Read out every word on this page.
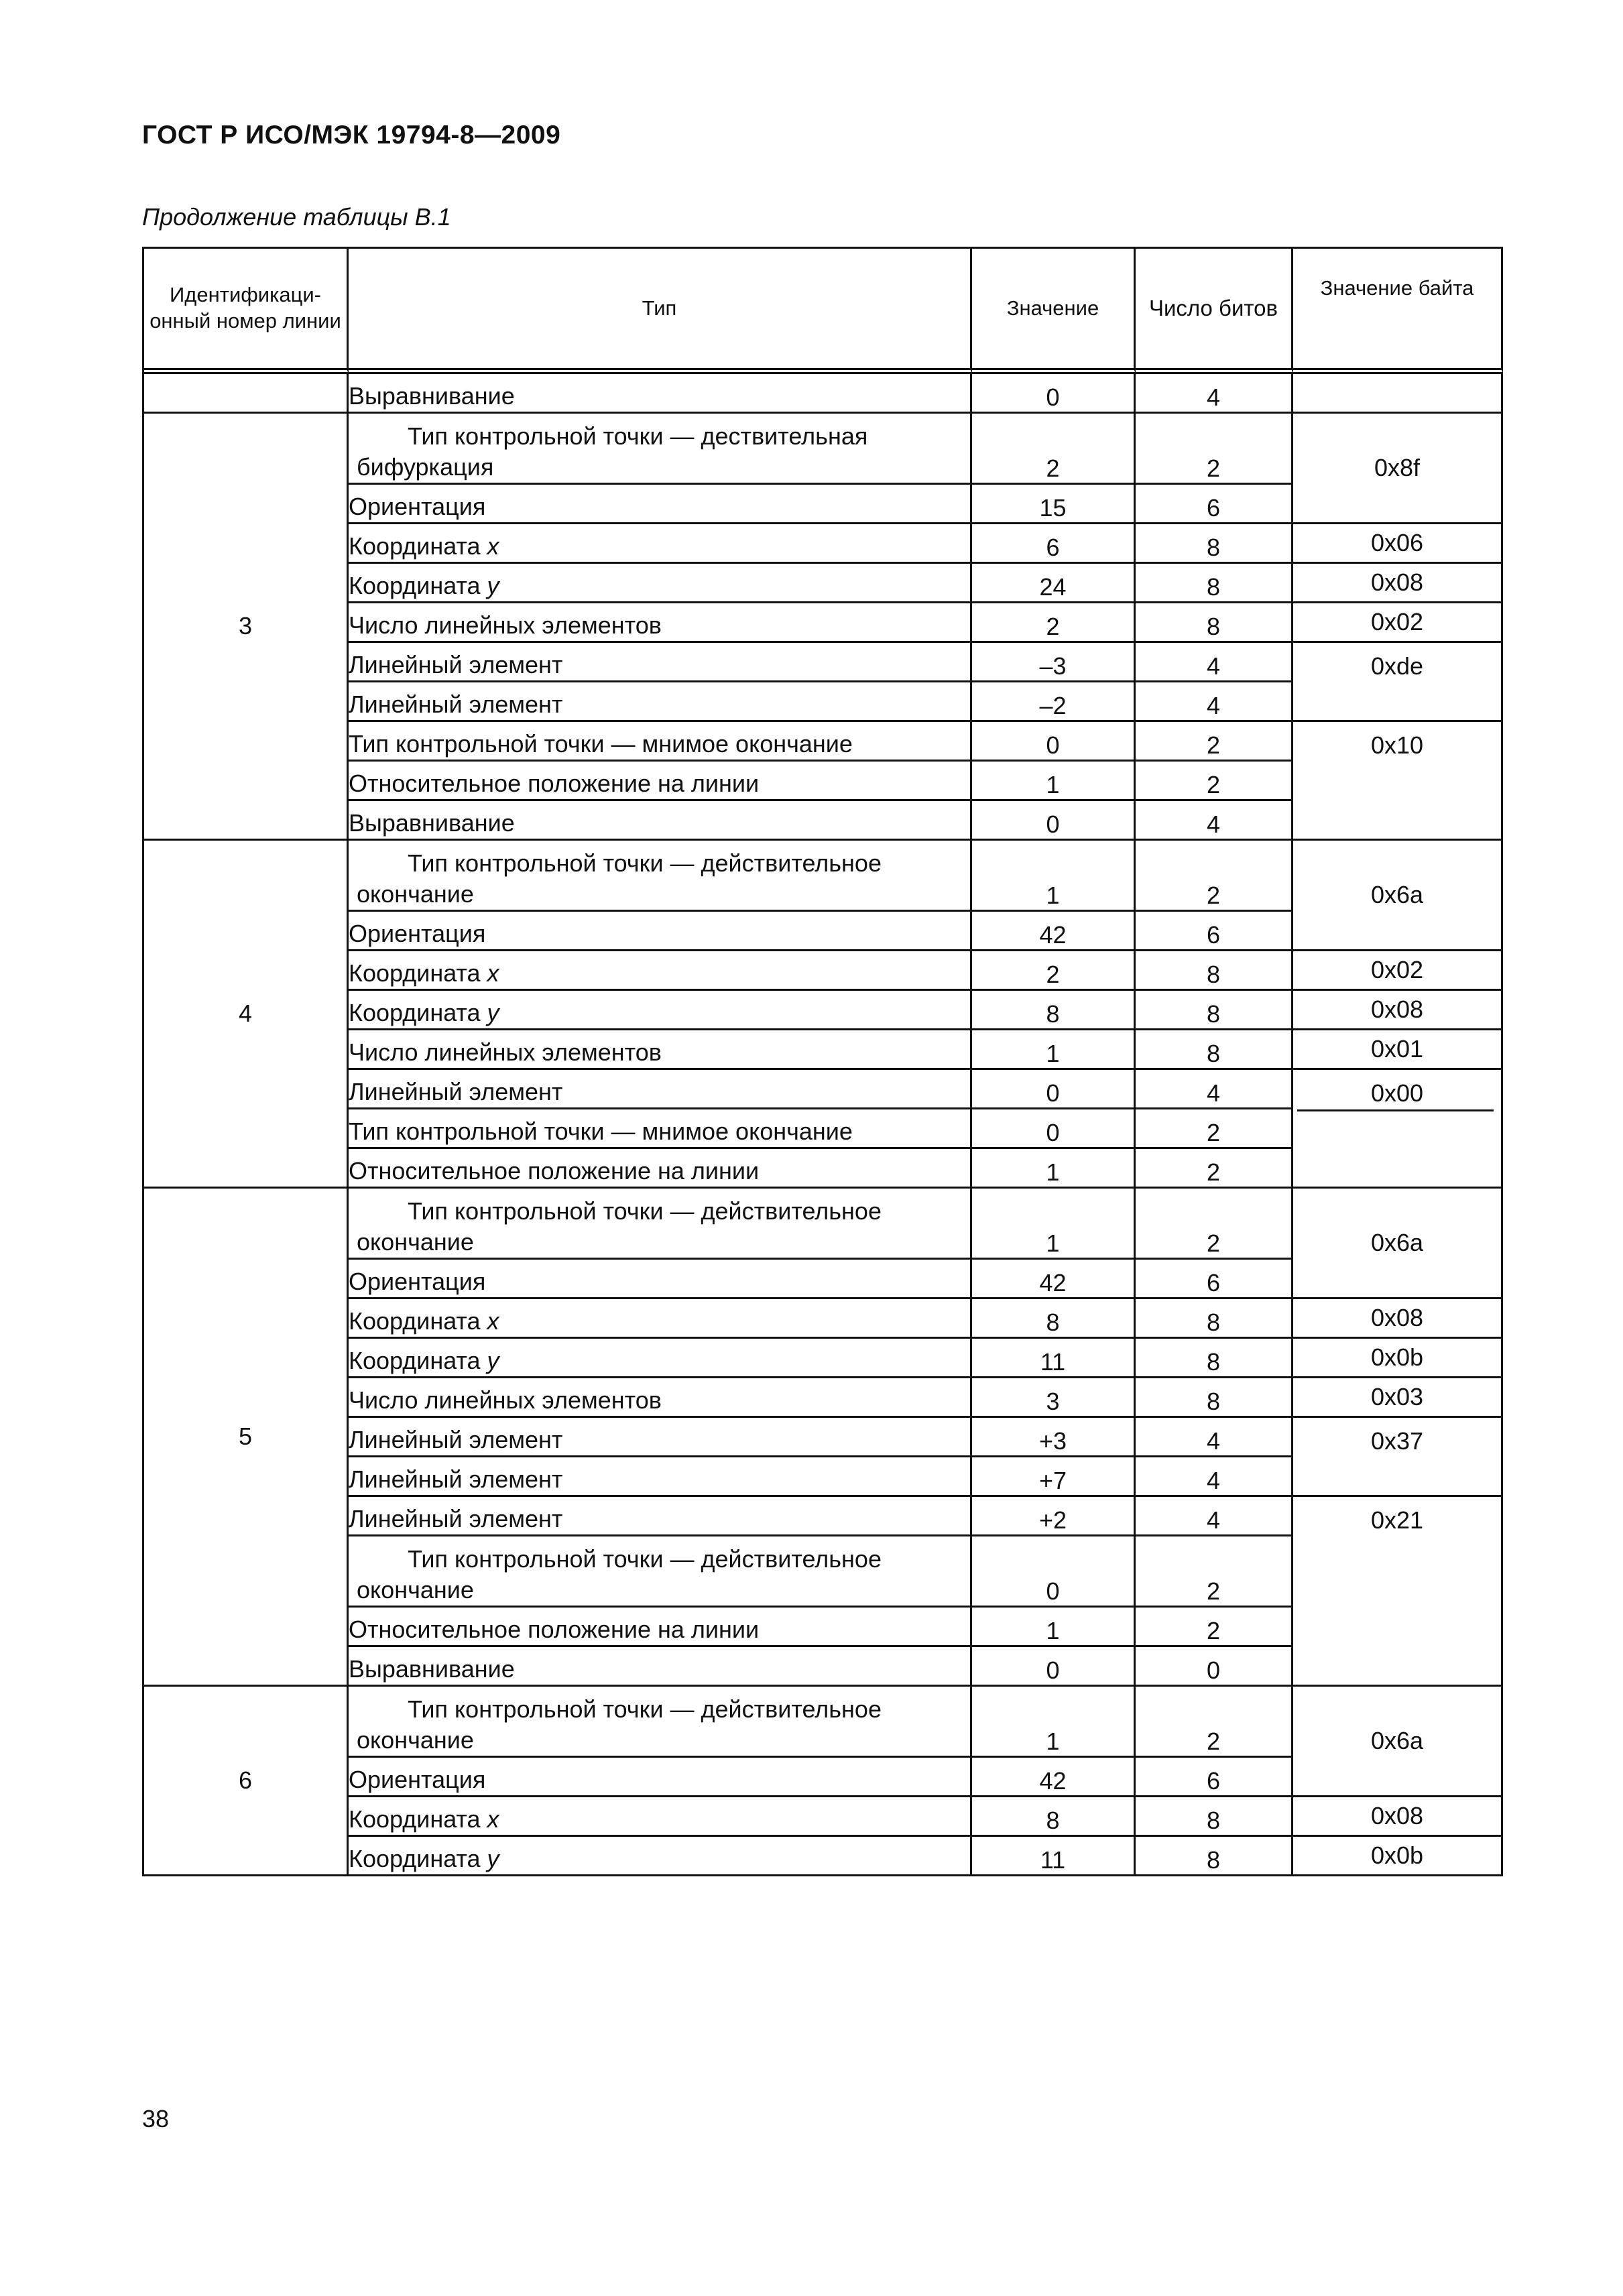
ГОСТ Р ИСО/МЭК 19794-8—2009
Продолжение таблицы В.1
Идентификаци-онный номер линии	Тип	Значение	Число битов	Значение байта
	Выравнивание	0	4	
3	Тип контрольной точки — дествительная бифуркация	2	2	0x8f
	Ориентация	15	6	
	Координата x	6	8	0x06
	Координата y	24	8	0x08
	Число линейных элементов	2	8	0x02
	Линейный элемент	–3	4	0xde
	Линейный элемент	–2	4	
	Тип контрольной точки — мнимое окончание	0	2	0x10
	Относительное положение на линии	1	2	
	Выравнивание	0	4	
4	Тип контрольной точки — действительное окончание	1	2	0x6a
	Ориентация	42	6	
	Координата x	2	8	0x02
	Координата y	8	8	0x08
	Число линейных элементов	1	8	0x01
	Линейный элемент	0	4	0x00
	Тип контрольной точки — мнимое окончание	0	2	
	Относительное положение на линии	1	2	
5	Тип контрольной точки — действительное окончание	1	2	0x6a
	Ориентация	42	6	
	Координата x	8	8	0x08
	Координата y	11	8	0x0b
	Число линейных элементов	3	8	0x03
	Линейный элемент	+3	4	0x37
	Линейный элемент	+7	4	
	Линейный элемент	+2	4	0x21
	Тип контрольной точки — действительное окончание	0	2	
	Относительное положение на линии	1	2	
	Выравнивание	0	0	
6	Тип контрольной точки — действительное окончание	1	2	0x6a
	Ориентация	42	6	
	Координата x	8	8	0x08
	Координата y	11	8	0x0b
38
